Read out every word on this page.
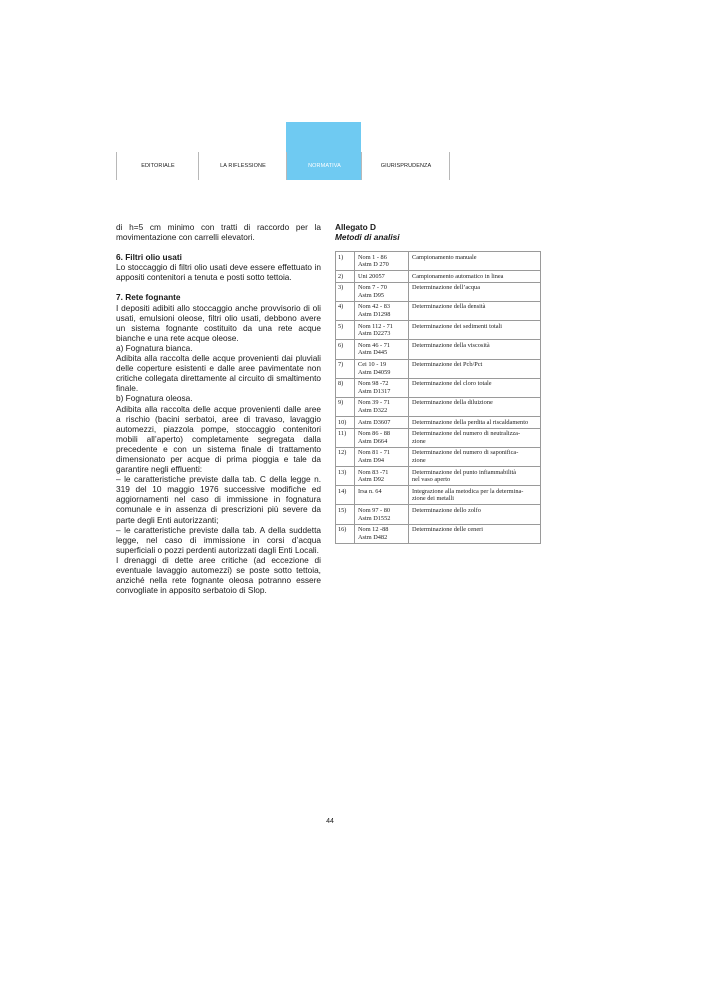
EDITORIALE	LA RIFLESSIONE	NORMATIVA	GIURISPRUDENZA

di h=5 cm minimo con tratti di raccordo per la movimentazione con carrelli elevatori.

6. Filtri olio usati

Lo stoccaggio di filtri olio usati deve essere effettuato in appositi contenitori a tenuta e posti sotto tettoia.

7. Rete fognante

I depositi adibiti allo stoccaggio anche provvisorio di oli usati, emulsioni oleose, filtri olio usati, debbono avere un sistema fognante costituito da una rete acque bianche e una rete acque oleose.

a) Fognatura bianca.

Adibita alla raccolta delle acque provenienti dai pluviali delle coperture esistenti e dalle aree pavimentate non critiche collegata direttamente al circuito di smaltimento finale.

b) Fognatura oleosa.

Adibita alla raccolta delle acque provenienti dalle aree a rischio (bacini serbatoi, aree di travaso, lavaggio automezzi, piazzola pompe, stoccaggio contenitori mobili all’aperto) completamente segregata dalla precedente e con un sistema finale di trattamento dimensionato per acque di prima pioggia e tale da garantire negli effluenti:

– le caratteristiche previste dalla tab. C della legge n. 319 del 10 maggio 1976 successive modifiche ed aggiornamenti nel caso di immissione in fognatura comunale e in assenza di prescrizioni più severe da parte degli Enti autorizzanti;

– le caratteristiche previste dalla tab. A della suddetta legge, nel caso di immissione in corsi d’acqua superficiali o pozzi perdenti autorizzati dagli Enti Locali.

I drenaggi di dette aree critiche (ad eccezione di eventuale lavaggio automezzi) se poste sotto tettoia, anziché nella rete fognante oleosa potranno essere convogliate in apposito serbatoio di Slop.

Allegato D

Metodi di analisi

1)	Nom 1 - 86
Astm D 270	Campionamento manuale
2)	Uni 20057	Campionamento automatico in linea
3)	Nom 7 - 70
Astm D95	Determinazione dell’acqua
4)	Nom 42 - 83
Astm D1298	Determinazione della densità
5)	Nom 112 - 71
Astm D2273	Determinazione dei sedimenti totali
6)	Nom 46 - 71
Astm D445	Determinazione della viscosità
7)	Cei 10 - 19
Astm D4059	Determinazione dei Pcb/Pct
8)	Nom 98 -72
Astm D1317	Determinazione del cloro totale
9)	Nom 39 - 71
Astm D322	Determinazione della diluizione
10)	Astm D3607	Determinazione della perdita al riscaldamento
11)	Nom 86 - 88
Astm D664	Determinazione del numero di neutralizza-
zione
12)	Nom 81 - 71
Astm D94	Determinazione del numero di saponifica-
zione
13)	Nom 83 -71
Astm D92	Determinazione del punto infiammabilità
nel vaso aperto
14)	Irsa n. 64	Integrazione alla metodica per la determina-
zione dei metalli
15)	Nom 97 - 80
Astm D1552	Determinazione dello zolfo
16)	Nom 12 -88
Astm D482	Determinazione delle ceneri
44
